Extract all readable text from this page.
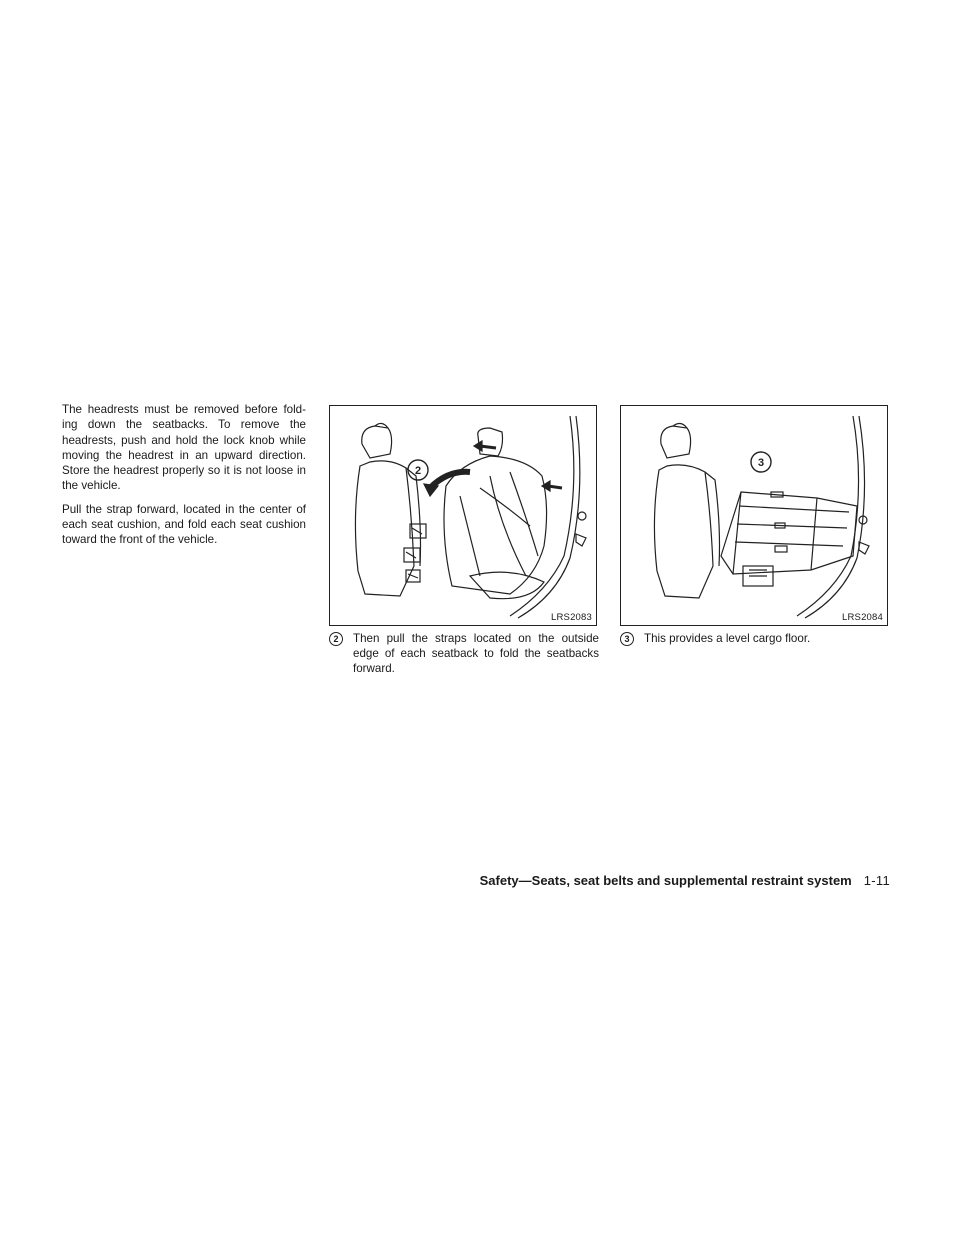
The headrests must be removed before fold-ing down the seatbacks. To remove the headrests, push and hold the lock knob while moving the headrest in an upward direction. Store the headrest properly so it is not loose in the vehicle.

Pull the strap forward, located in the center of each seat cushion, and fold each seat cushion toward the front of the vehicle.

2
LRS2083
3
LRS2084
2	Then pull the straps located on the outside edge of each seatback to fold the seatbacks forward.
3	This provides a level cargo floor.
Safety—Seats, seat belts and supplemental restraint system 1-11
